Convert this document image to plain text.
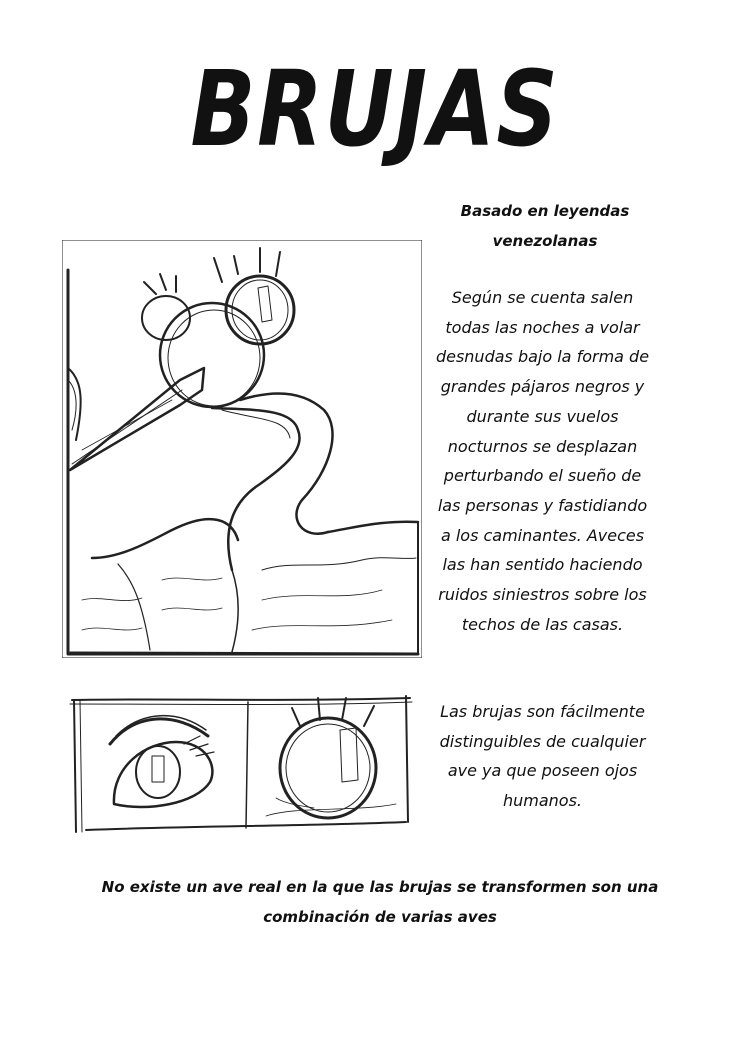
BRUJAS
Basado en leyendas
venezolanas
Según se cuenta salen
todas las noches a volar
desnudas bajo la forma de
grandes pájaros negros y
durante sus vuelos
nocturnos se desplazan
perturbando el sueño de
las personas y fastidiando
a los caminantes. Aveces
las han sentido haciendo
ruidos siniestros sobre los
techos de las casas.
Las brujas son fácilmente
distinguibles de cualquier
ave ya que poseen ojos
humanos.
No existe un ave real en la que las brujas se transformen son una
combinación de varias aves
